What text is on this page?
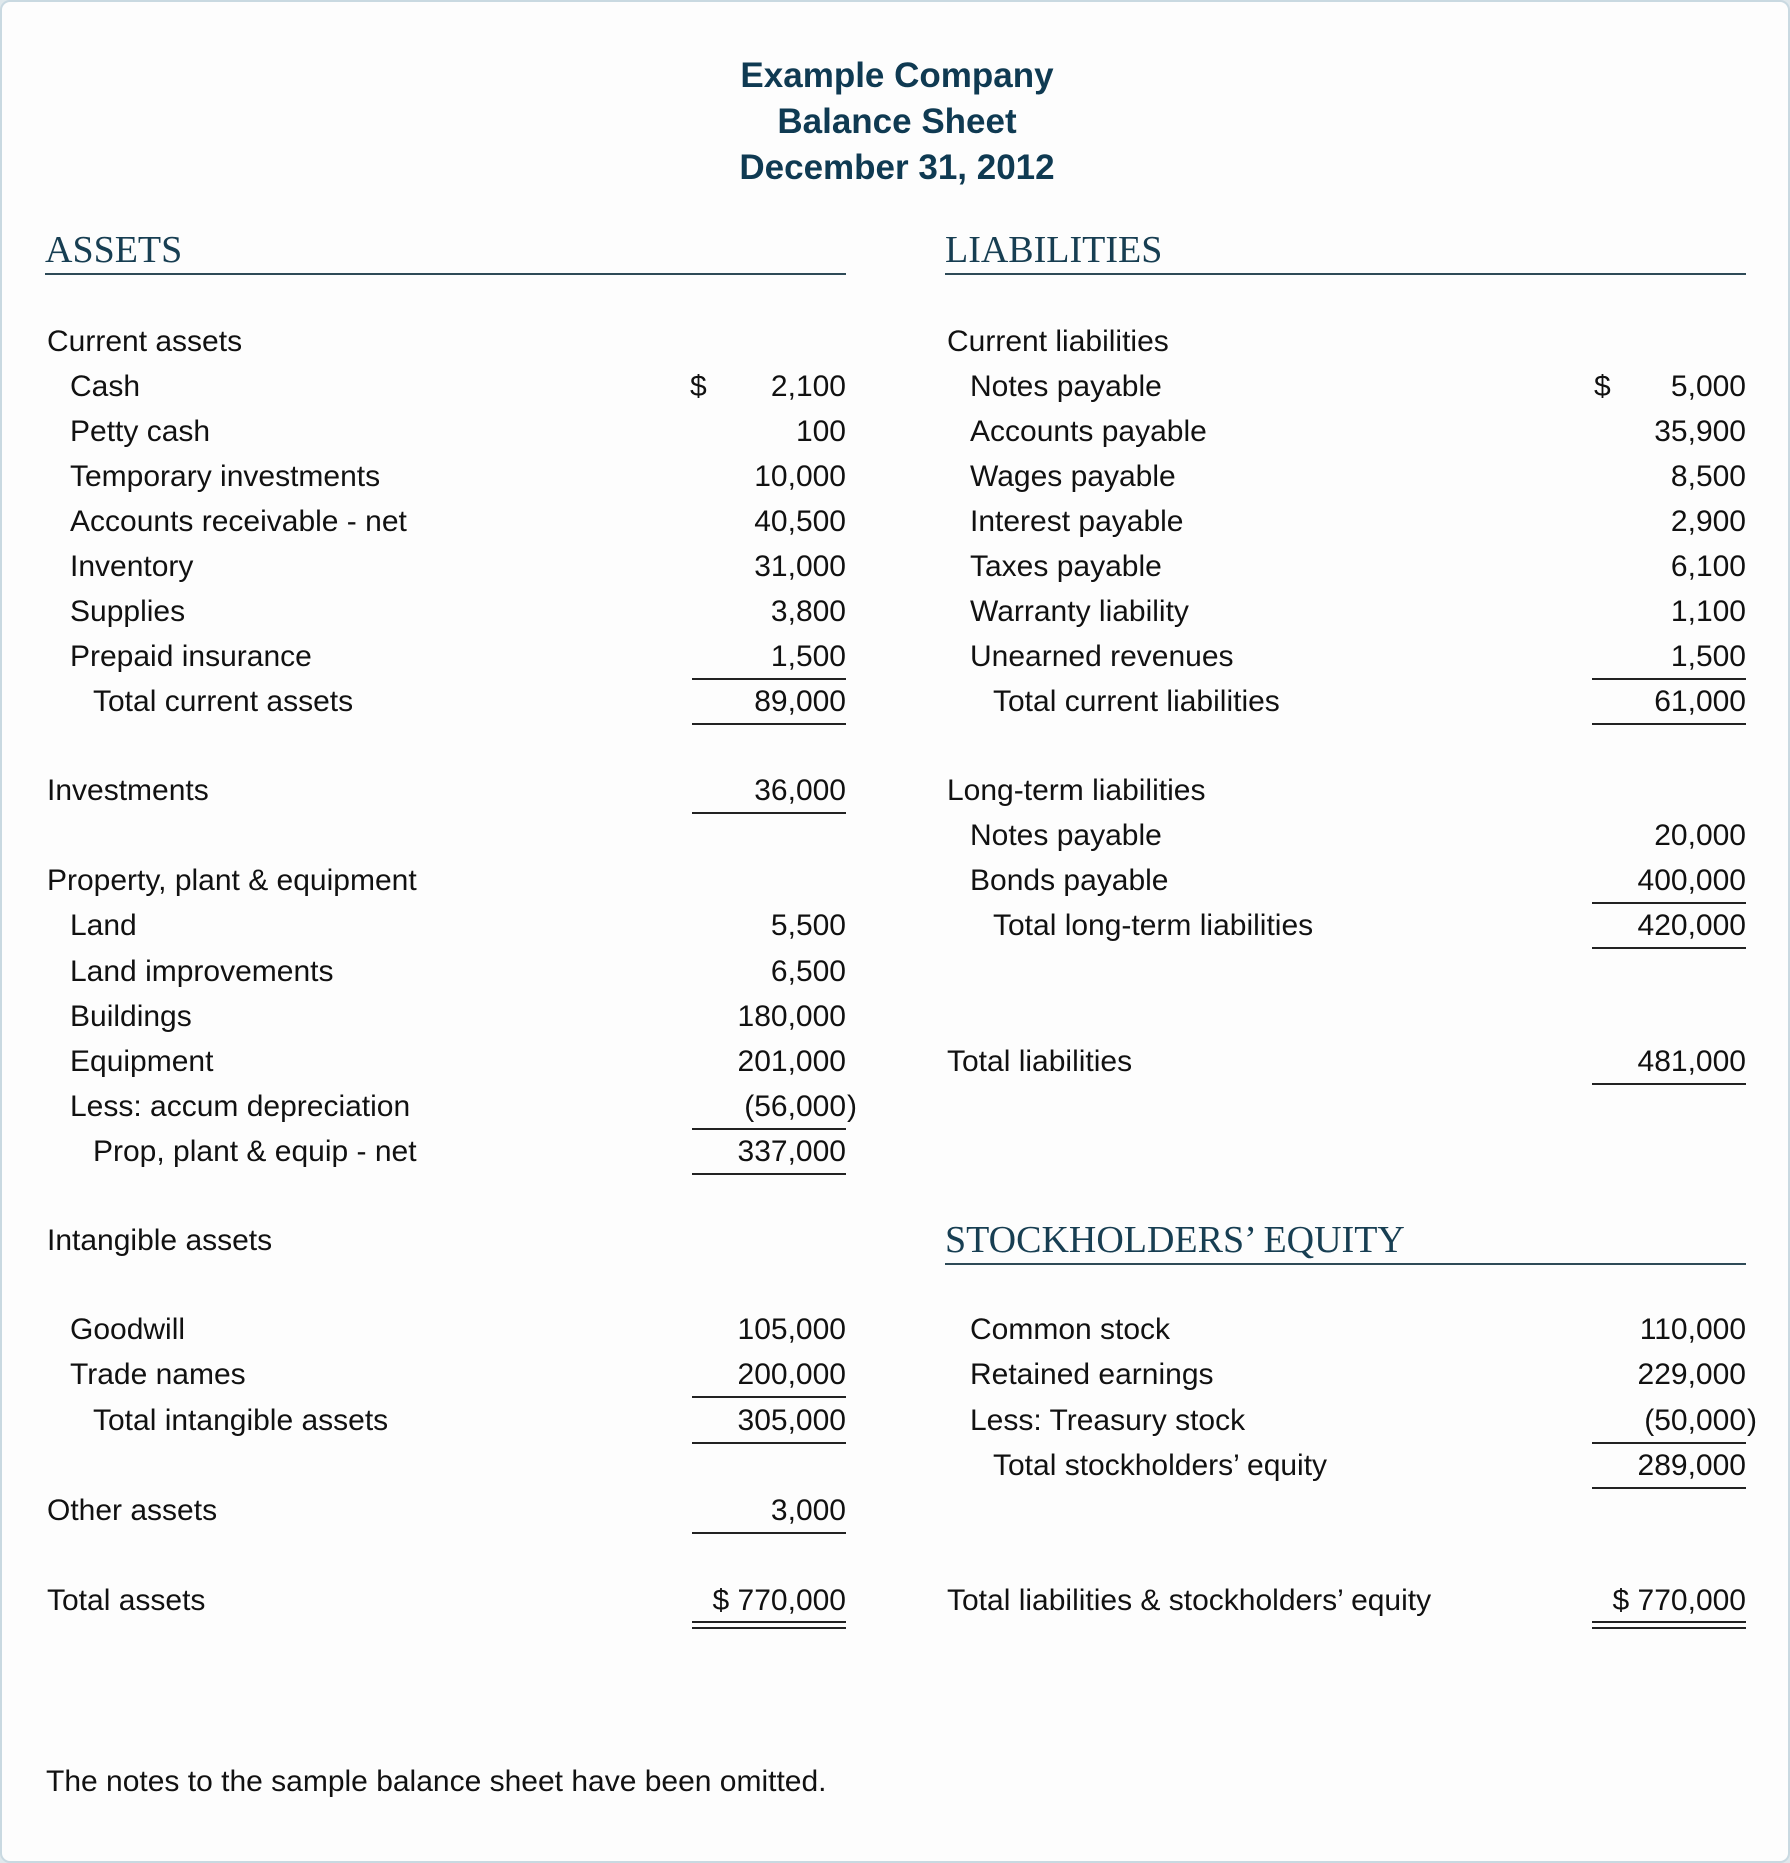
Example Company
Balance Sheet
December 31, 2012
ASSETS	LIABILITIES
STOCKHOLDERS’ EQUITY
Current assets
Cash	$	2,100
Petty cash	100
Temporary investments	10,000
Accounts receivable - net	40,500
Inventory	31,000
Supplies	3,800
Prepaid insurance	1,500
Total current assets	89,000
Investments	36,000
Property, plant & equipment
Land	5,500
Land improvements	6,500
Buildings	180,000
Equipment	201,000
Less: accum depreciation	(56,000 )
Prop, plant & equip - net	337,000
Intangible assets
Goodwill	105,000
Trade names	200,000
Total intangible assets	305,000
Other assets	3,000
Total assets	$ 770,000
Current liabilities
Notes payable	$	5,000
Accounts payable	35,900
Wages payable	8,500
Interest payable	2,900
Taxes payable	6,100
Warranty liability	1,100
Unearned revenues	1,500
Total current liabilities	61,000
Long-term liabilities
Notes payable	20,000
Bonds payable	400,000
Total long-term liabilities	420,000
Total liabilities	481,000
Common stock	110,000
Retained earnings	229,000
Less: Treasury stock	(50,000 )
Total stockholders’ equity	289,000
Total liabilities & stockholders’ equity	$ 770,000
The notes to the sample balance sheet have been omitted.
